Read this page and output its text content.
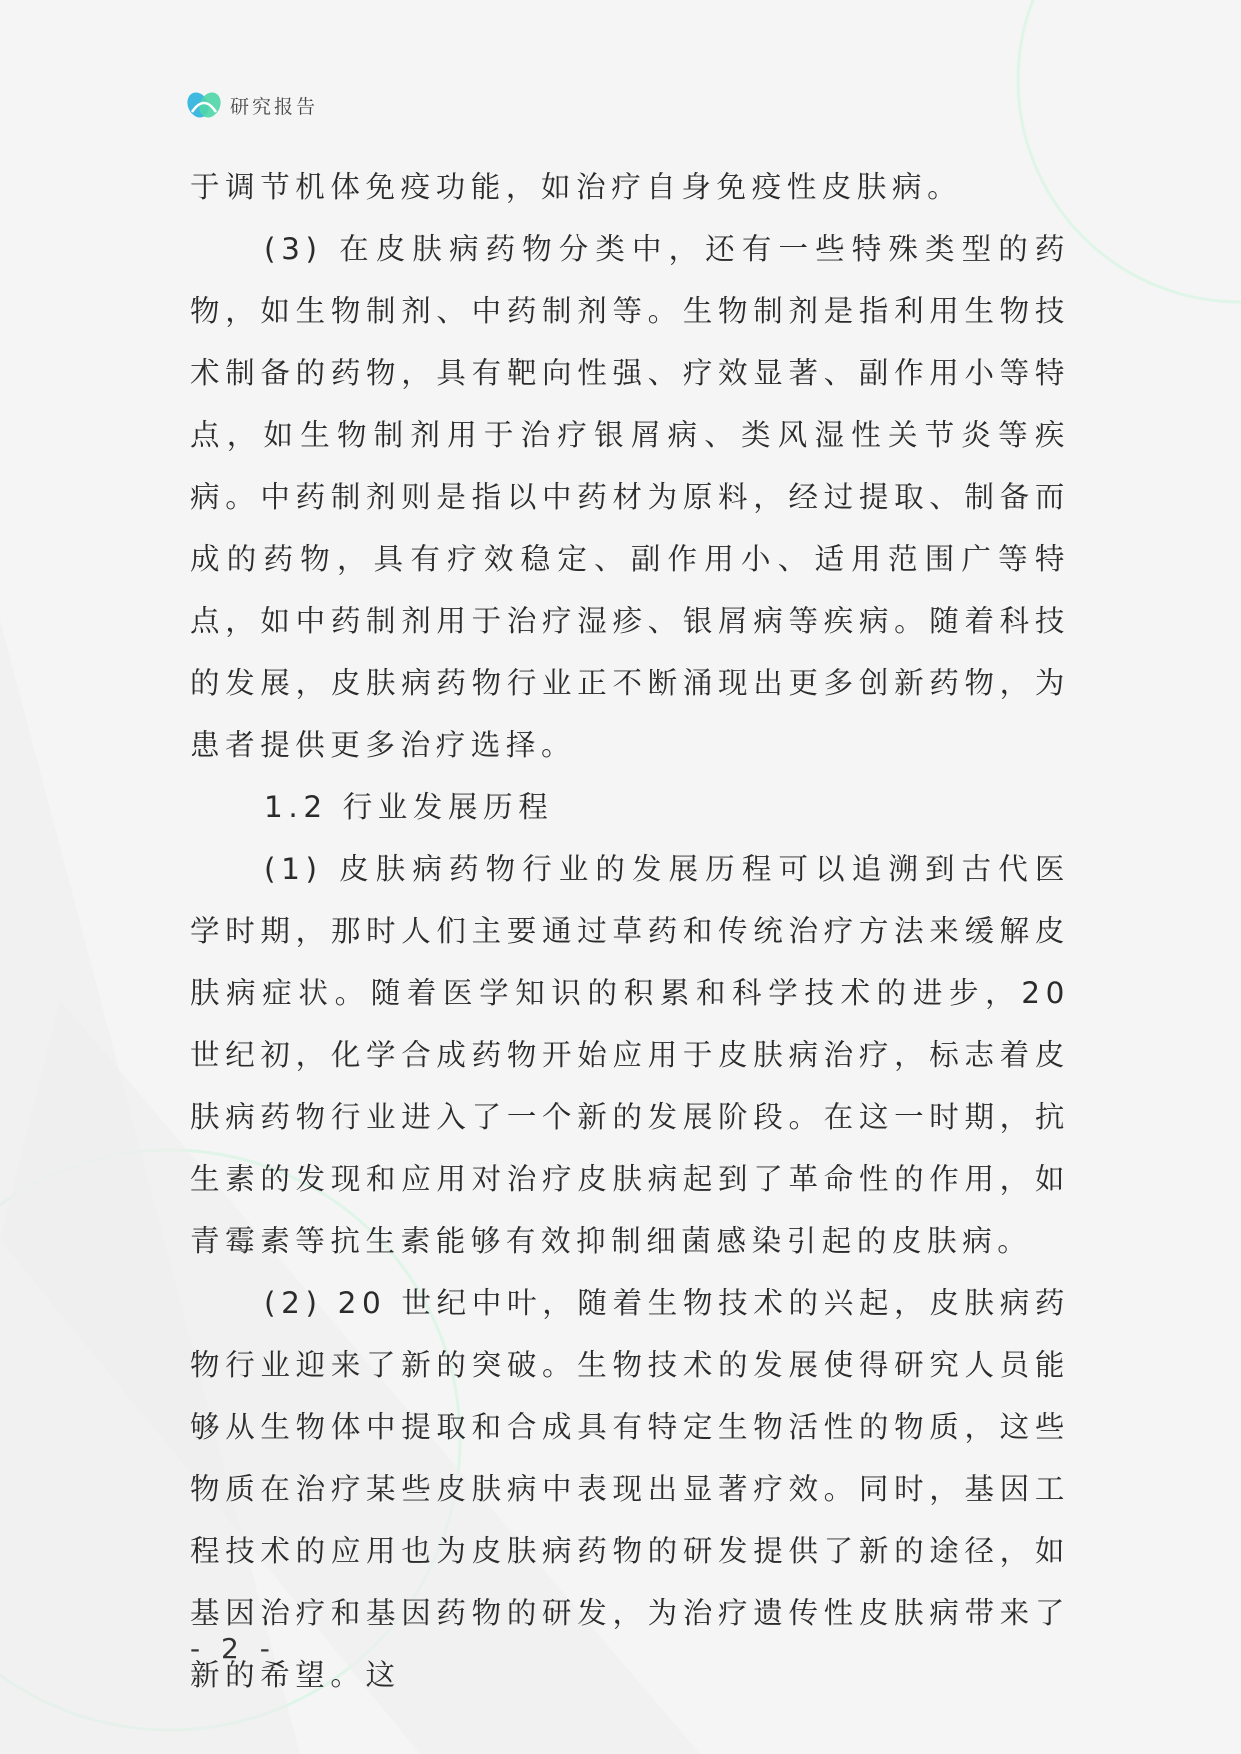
研究报告

于调节机体免疫功能，如治疗自身免疫性皮肤病。

(3) 在皮肤病药物分类中，还有一些特殊类型的药物，如生物制剂、中药制剂等。生物制剂是指利用生物技术制备的药物，具有靶向性强、疗效显著、副作用小等特点，如生物制剂用于治疗银屑病、类风湿性关节炎等疾病。中药制剂则是指以中药材为原料，经过提取、制备而成的药物，具有疗效稳定、副作用小、适用范围广等特点，如中药制剂用于治疗湿疹、银屑病等疾病。随着科技的发展，皮肤病药物行业正不断涌现出更多创新药物，为患者提供更多治疗选择。

1.2 行业发展历程

(1) 皮肤病药物行业的发展历程可以追溯到古代医学时期，那时人们主要通过草药和传统治疗方法来缓解皮肤病症状。随着医学知识的积累和科学技术的进步，20 世纪初，化学合成药物开始应用于皮肤病治疗，标志着皮肤病药物行业进入了一个新的发展阶段。在这一时期，抗生素的发现和应用对治疗皮肤病起到了革命性的作用，如青霉素等抗生素能够有效抑制细菌感染引起的皮肤病。

(2) 20 世纪中叶，随着生物技术的兴起，皮肤病药物行业迎来了新的突破。生物技术的发展使得研究人员能够从生物体中提取和合成具有特定生物活性的物质，这些物质在治疗某些皮肤病中表现出显著疗效。同时，基因工程技术的应用也为皮肤病药物的研发提供了新的途径，如基因治疗和基因药物的研发，为治疗遗传性皮肤病带来了新的希望。这

- 2 -
